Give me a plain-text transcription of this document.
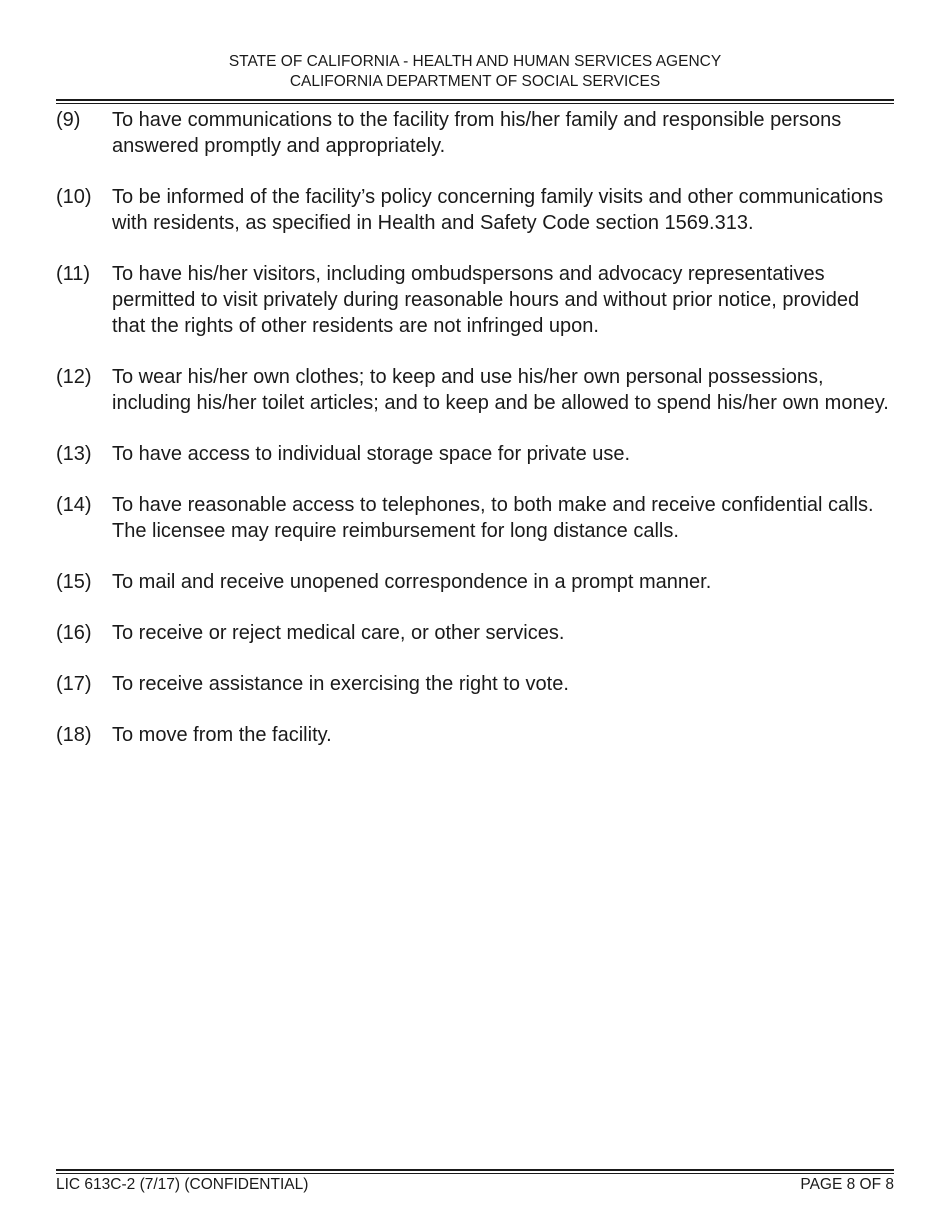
STATE OF CALIFORNIA - HEALTH AND HUMAN SERVICES AGENCY
CALIFORNIA DEPARTMENT OF SOCIAL SERVICES
(9)	To have communications to the facility from his/her family and responsible persons answered promptly and appropriately.
(10)	To be informed of the facility’s policy concerning family visits and other communications with residents, as specified in Health and Safety Code section 1569.313.
(11)	To have his/her visitors, including ombudspersons and advocacy representatives permitted to visit privately during reasonable hours and without prior notice, provided that the rights of other residents are not infringed upon.
(12)	To wear his/her own clothes; to keep and use his/her own personal possessions, including his/her toilet articles; and to keep and be allowed to spend his/her own money.
(13)	To have access to individual storage space for private use.
(14)	To have reasonable access to telephones, to both make and receive confidential calls. The licensee may require reimbursement for long distance calls.
(15)	To mail and receive unopened correspondence in a prompt manner.
(16)	To receive or reject medical care, or other services.
(17)	To receive assistance in exercising the right to vote.
(18)	To move from the facility.
LIC 613C-2 (7/17) (CONFIDENTIAL)	PAGE 8 OF 8
